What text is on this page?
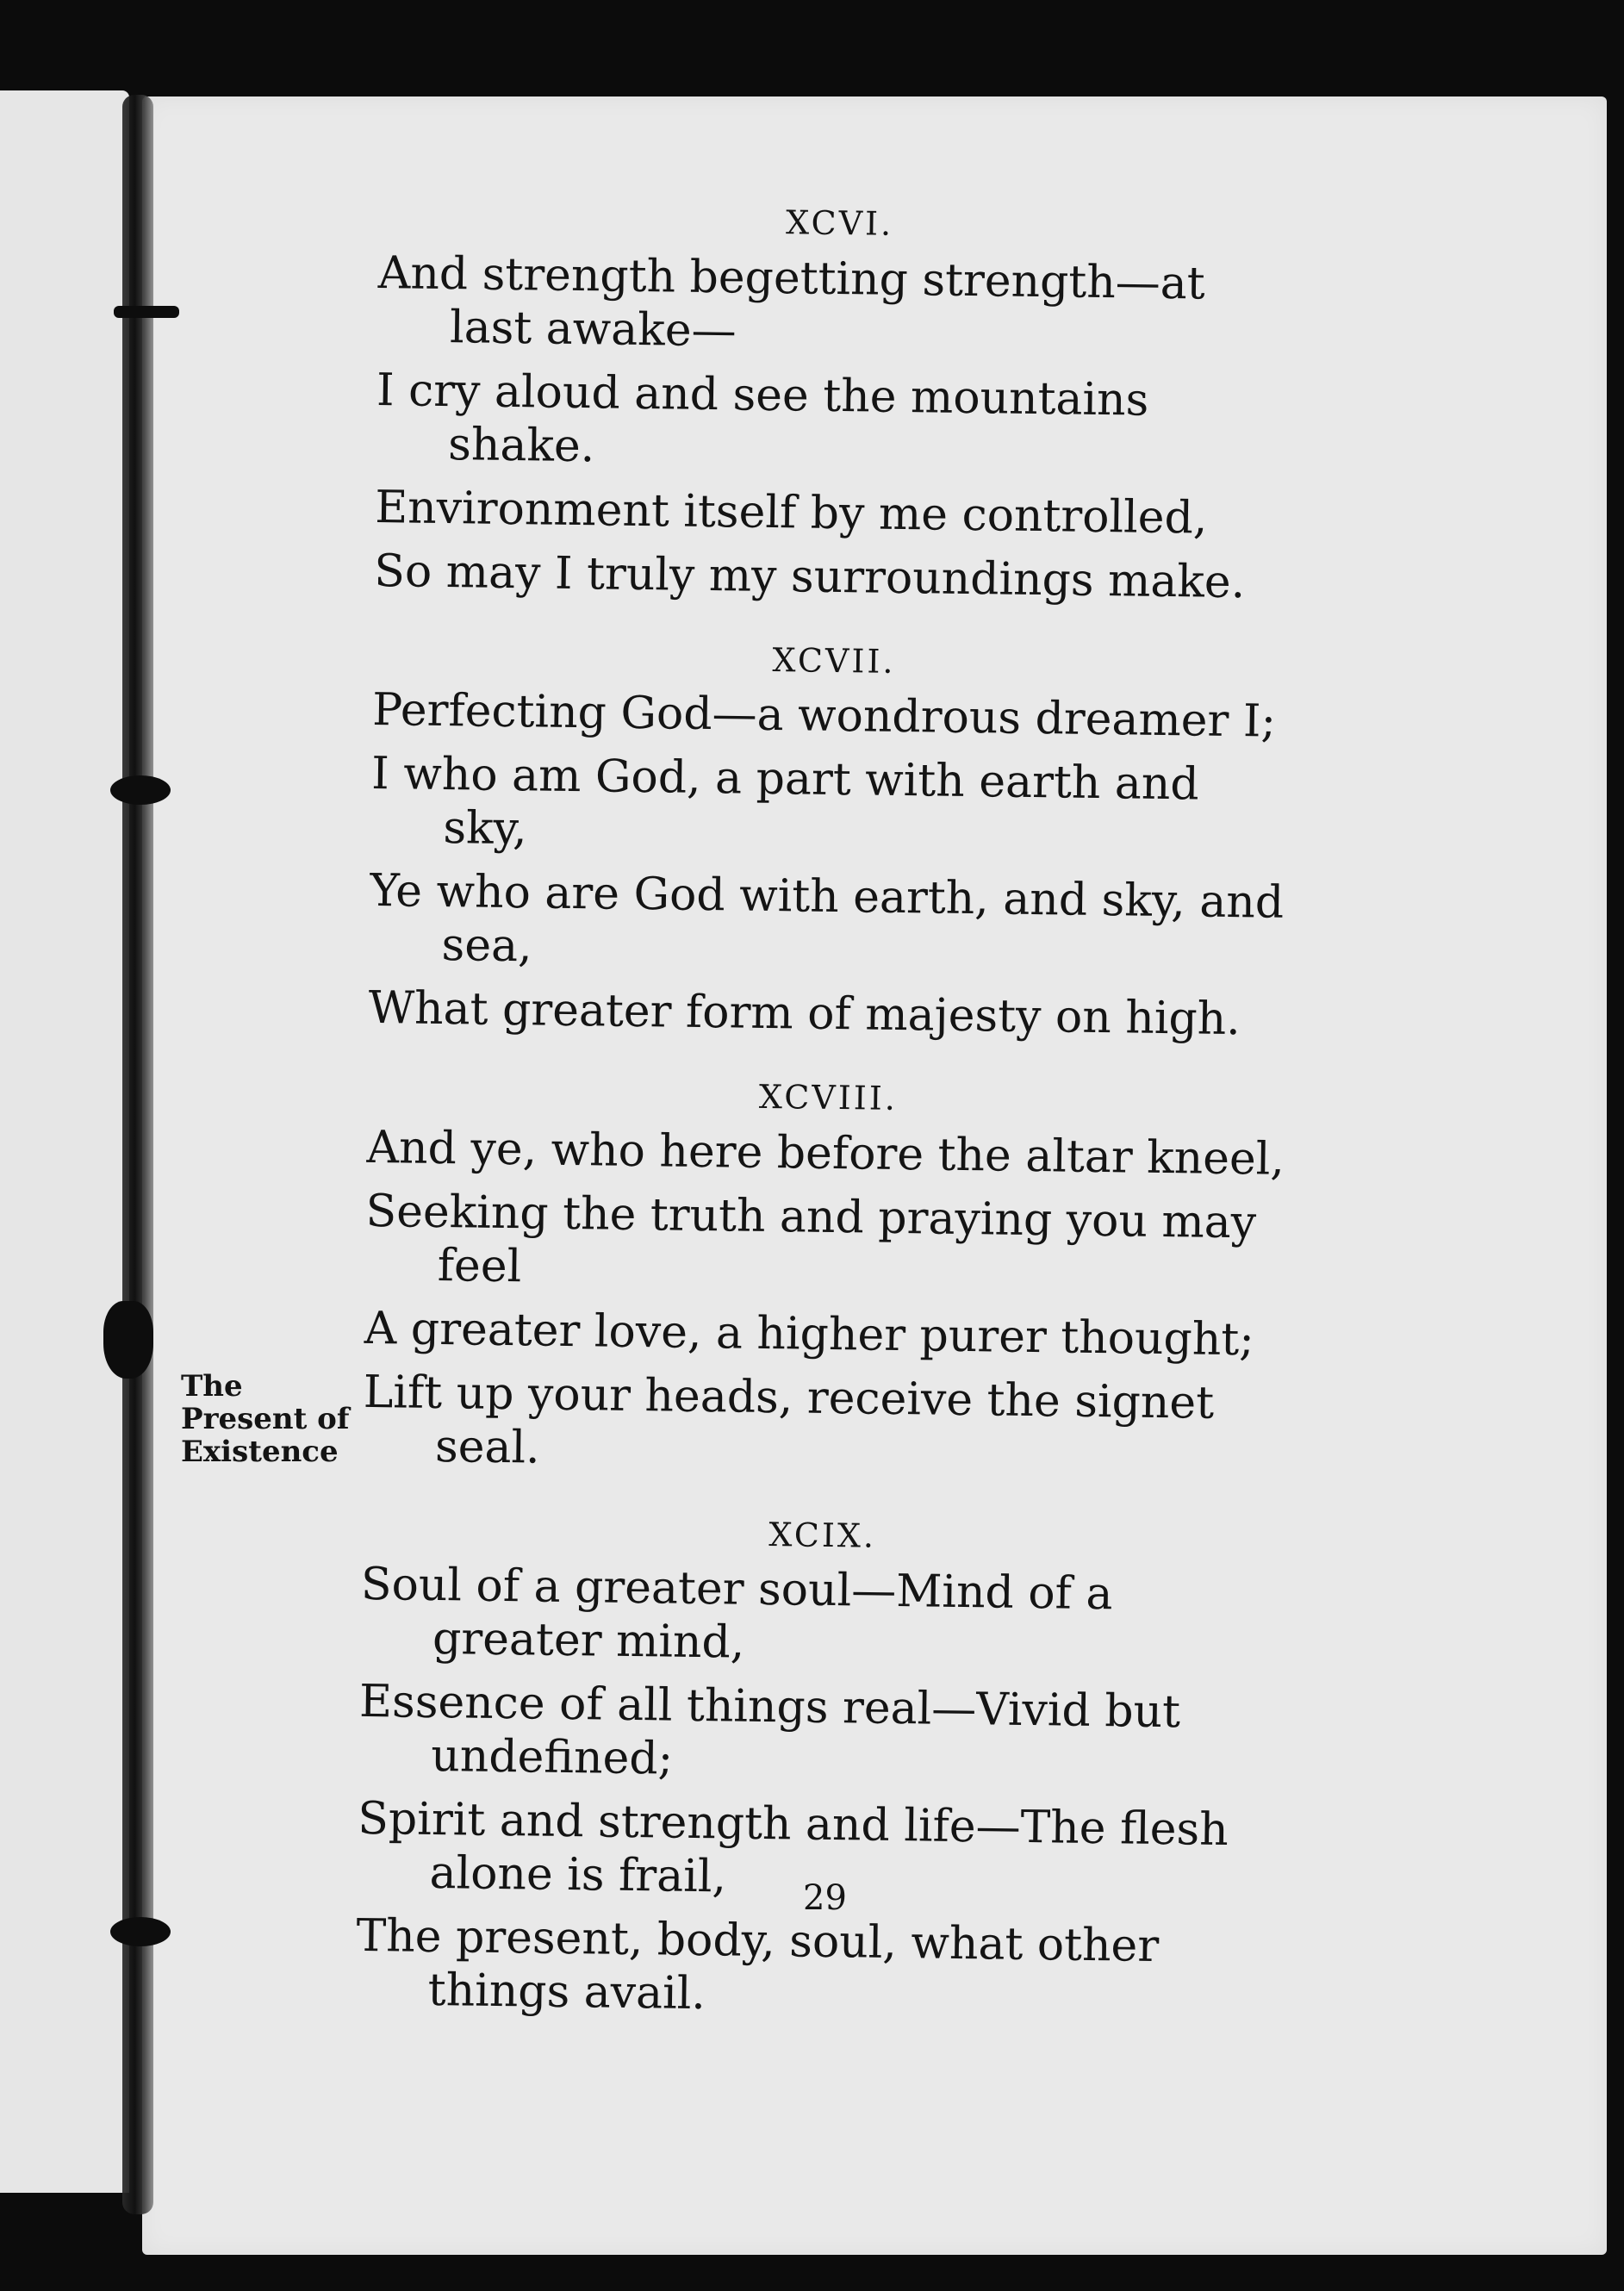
The
Present of
Existence

XCVI.

And strength begetting strength—at last awake—

I cry aloud and see the mountains shake.

Environment itself by me controlled,

So may I truly my surroundings make.

XCVII.

Perfecting God—a wondrous dreamer I;

I who am God, a part with earth and sky,

Ye who are God with earth, and sky, and sea,

What greater form of majesty on high.

XCVIII.

And ye, who here before the altar kneel,

Seeking the truth and praying you may feel

A greater love, a higher purer thought;

Lift up your heads, receive the signet seal.

XCIX.

Soul of a greater soul—Mind of a greater mind,

Essence of all things real—Vivid but undefined;

Spirit and strength and life—The flesh alone is frail,

The present, body, soul, what other things avail.

29
